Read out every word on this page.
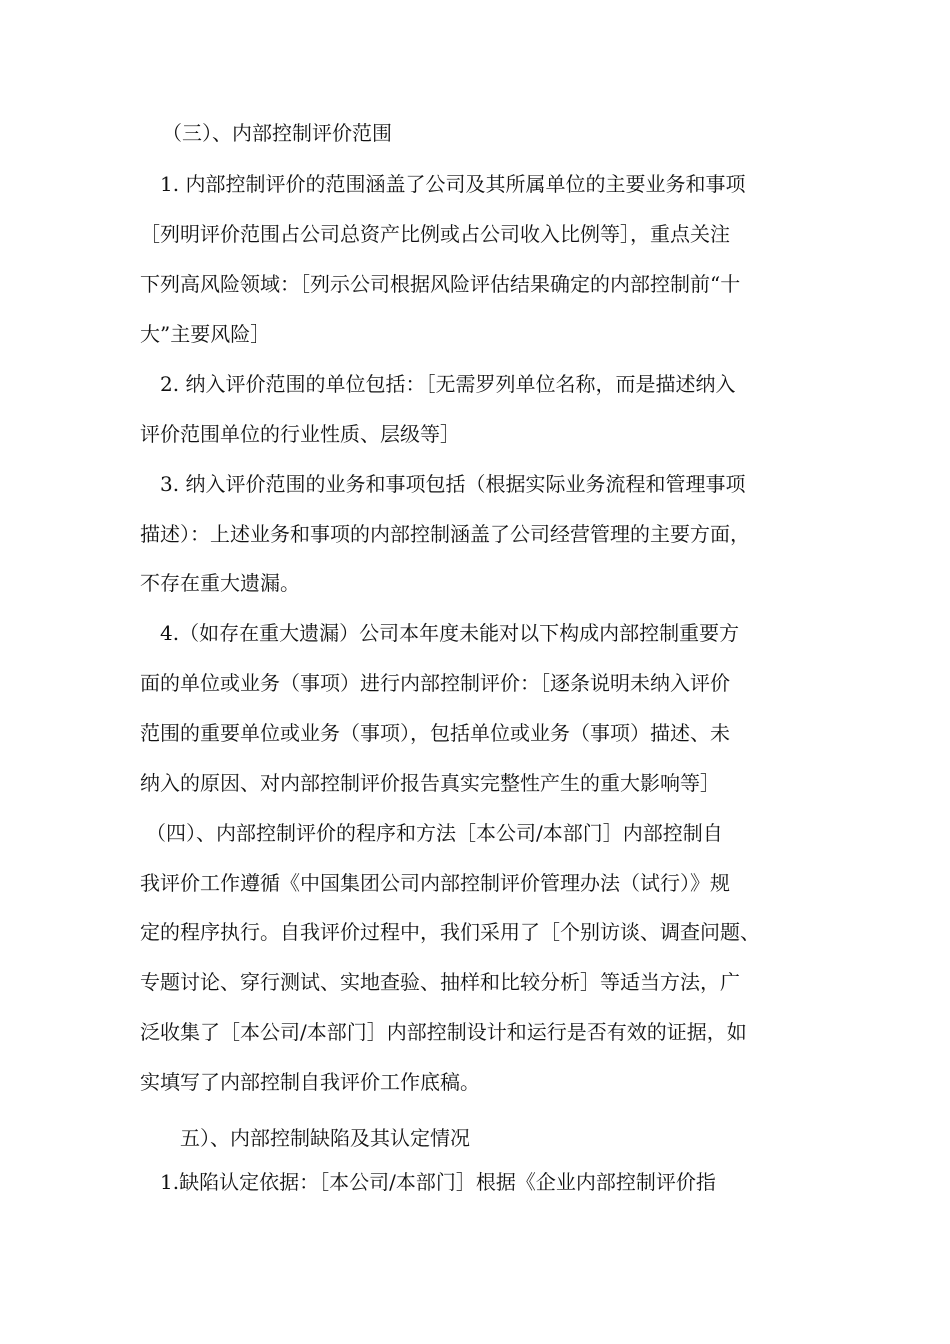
（三）、内部控制评价范围
1. 内部控制评价的范围涵盖了公司及其所属单位的主要业务和事项
［列明评价范围占公司总资产比例或占公司收入比例等］，重点关注
下列高风险领域：［列示公司根据风险评估结果确定的内部控制前“十
大”主要风险］
2. 纳入评价范围的单位包括：［无需罗列单位名称，而是描述纳入
评价范围单位的行业性质、层级等］
3. 纳入评价范围的业务和事项包括（根据实际业务流程和管理事项
描述）：上述业务和事项的内部控制涵盖了公司经营管理的主要方面，
不存在重大遗漏。
4.（如存在重大遗漏）公司本年度未能对以下构成内部控制重要方
面的单位或业务（事项）进行内部控制评价：［逐条说明未纳入评价
范围的重要单位或业务（事项），包括单位或业务（事项）描述、未
纳入的原因、对内部控制评价报告真实完整性产生的重大影响等］
（四）、内部控制评价的程序和方法［本公司/本部门］内部控制自
我评价工作遵循《中国集团公司内部控制评价管理办法（试行）》规
定的程序执行。自我评价过程中，我们采用了［个别访谈、调查问题、
专题讨论、穿行测试、实地查验、抽样和比较分析］等适当方法，广
泛收集了［本公司/本部门］内部控制设计和运行是否有效的证据，如
实填写了内部控制自我评价工作底稿。
五）、内部控制缺陷及其认定情况
1.缺陷认定依据：［本公司/本部门］根据《企业内部控制评价指
